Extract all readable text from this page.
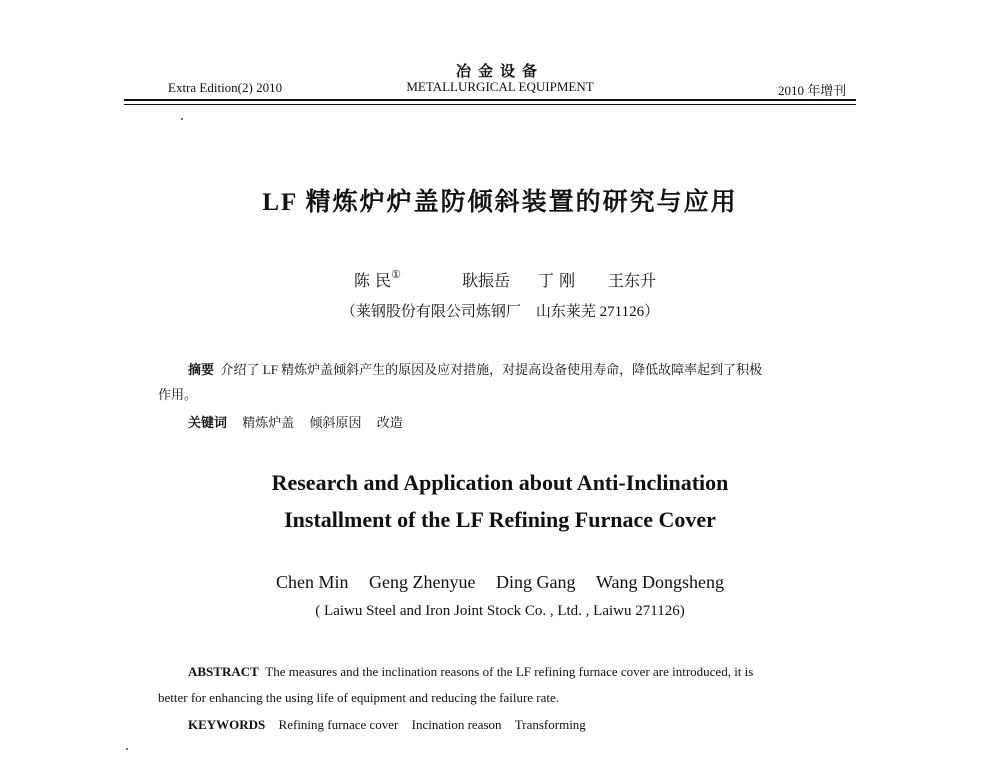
Extra Edition(2) 2010
冶金设备
METALLURGICAL EQUIPMENT	2010 年增刊
LF 精炼炉炉盖防倾斜装置的研究与应用
陈 民①	耿振岳 丁 刚 王东升
（莱钢股份有限公司炼钢厂　山东莱芜 271126）
摘要 介绍了 LF 精炼炉盖倾斜产生的原因及应对措施，对提高设备使用寿命，降低故障率起到了积极
作用。
关键词 精炼炉盖 倾斜原因 改造
Research and Application about Anti-Inclination
Installment of the LF Refining Furnace Cover
Chen Min Geng Zhenyue Ding Gang Wang Dongsheng
( Laiwu Steel and Iron Joint Stock Co. , Ltd. , Laiwu 271126)
ABSTRACT The measures and the inclination reasons of the LF refining furnace cover are introduced, it is
better for enhancing the using life of equipment and reducing the failure rate.
KEYWORDS Refining furnace cover Incination reason Transforming
